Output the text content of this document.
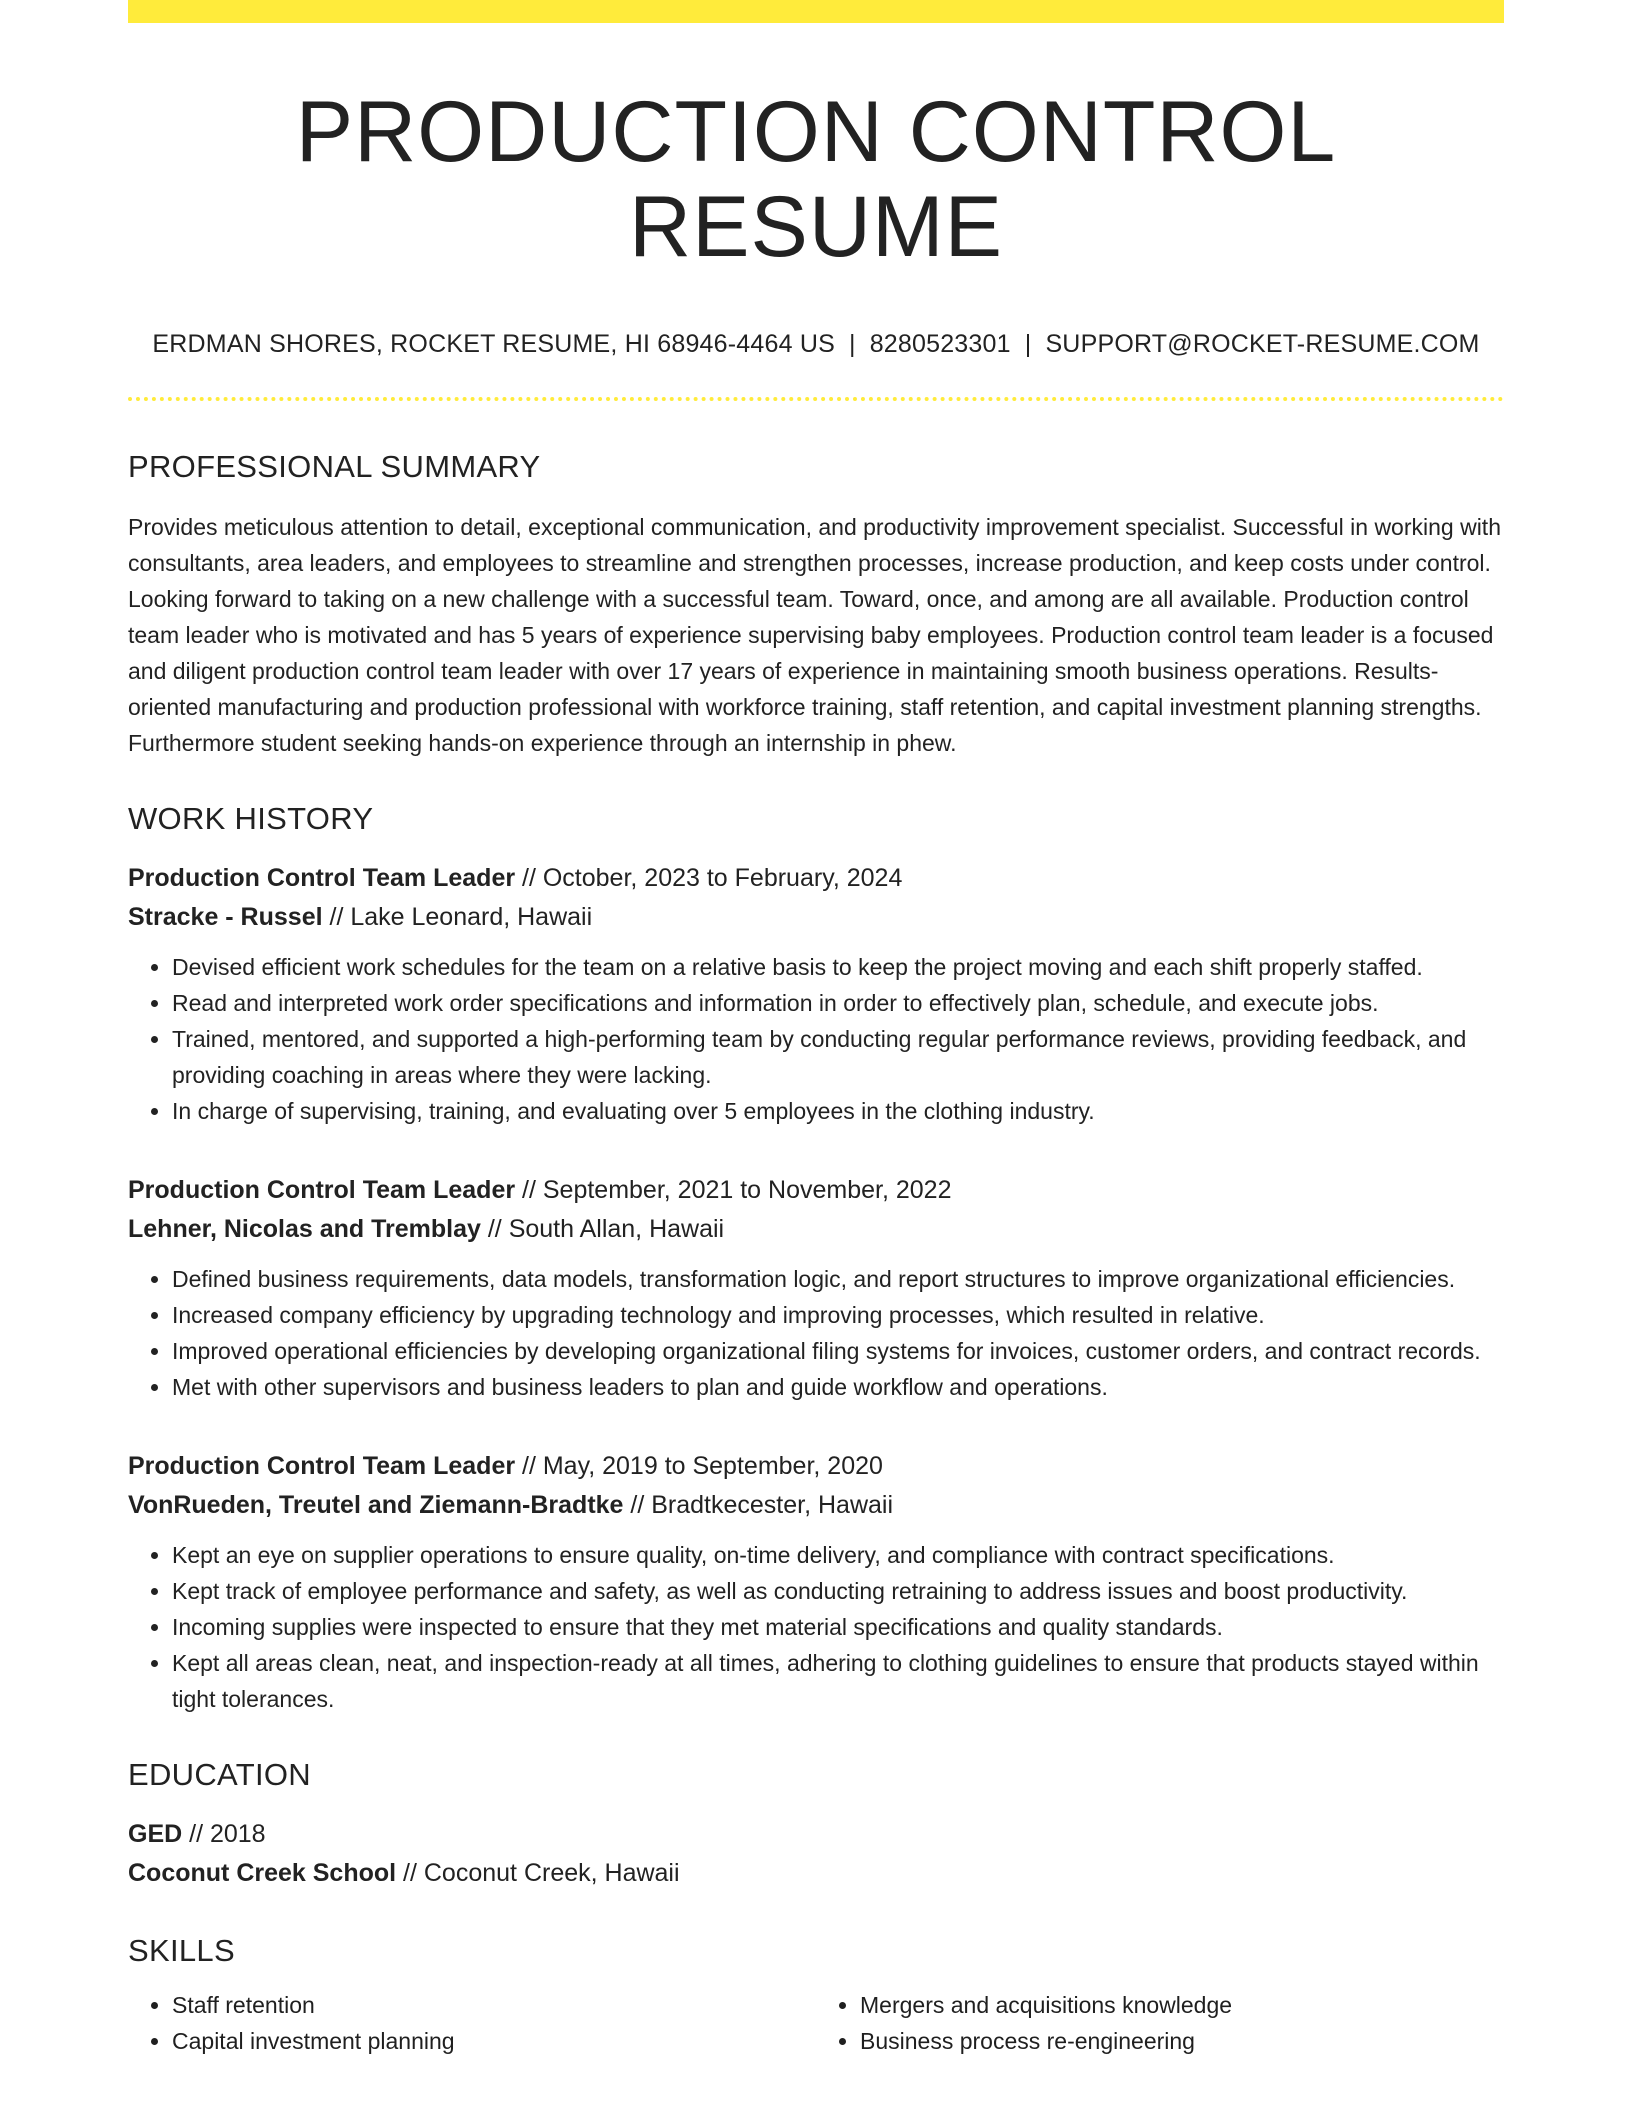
PRODUCTION CONTROL RESUME
ERDMAN SHORES, ROCKET RESUME, HI 68946-4464 US | 8280523301 | SUPPORT@ROCKET-RESUME.COM
PROFESSIONAL SUMMARY

Provides meticulous attention to detail, exceptional communication, and productivity improvement specialist. Successful in working with consultants, area leaders, and employees to streamline and strengthen processes, increase production, and keep costs under control. Looking forward to taking on a new challenge with a successful team. Toward, once, and among are all available. Production control team leader who is motivated and has 5 years of experience supervising baby employees. Production control team leader is a focused and diligent production control team leader with over 17 years of experience in maintaining smooth business operations. Results-oriented manufacturing and production professional with workforce training, staff retention, and capital investment planning strengths. Furthermore student seeking hands-on experience through an internship in phew.

WORK HISTORY
Production Control Team Leader // October, 2023 to February, 2024
Stracke - Russel // Lake Leonard, Hawaii
• Devised efficient work schedules for the team on a relative basis to keep the project moving and each shift properly staffed.
• Read and interpreted work order specifications and information in order to effectively plan, schedule, and execute jobs.
• Trained, mentored, and supported a high-performing team by conducting regular performance reviews, providing feedback, and providing coaching in areas where they were lacking.
• In charge of supervising, training, and evaluating over 5 employees in the clothing industry.
Production Control Team Leader // September, 2021 to November, 2022
Lehner, Nicolas and Tremblay // South Allan, Hawaii
• Defined business requirements, data models, transformation logic, and report structures to improve organizational efficiencies.
• Increased company efficiency by upgrading technology and improving processes, which resulted in relative.
• Improved operational efficiencies by developing organizational filing systems for invoices, customer orders, and contract records.
• Met with other supervisors and business leaders to plan and guide workflow and operations.
Production Control Team Leader // May, 2019 to September, 2020
VonRueden, Treutel and Ziemann-Bradtke // Bradtkecester, Hawaii
• Kept an eye on supplier operations to ensure quality, on-time delivery, and compliance with contract specifications.
• Kept track of employee performance and safety, as well as conducting retraining to address issues and boost productivity.
• Incoming supplies were inspected to ensure that they met material specifications and quality standards.
• Kept all areas clean, neat, and inspection-ready at all times, adhering to clothing guidelines to ensure that products stayed within tight tolerances.
EDUCATION
GED // 2018
Coconut Creek School // Coconut Creek, Hawaii
SKILLS
• Staff retention
• Capital investment planning
• Mergers and acquisitions knowledge
• Business process re-engineering
